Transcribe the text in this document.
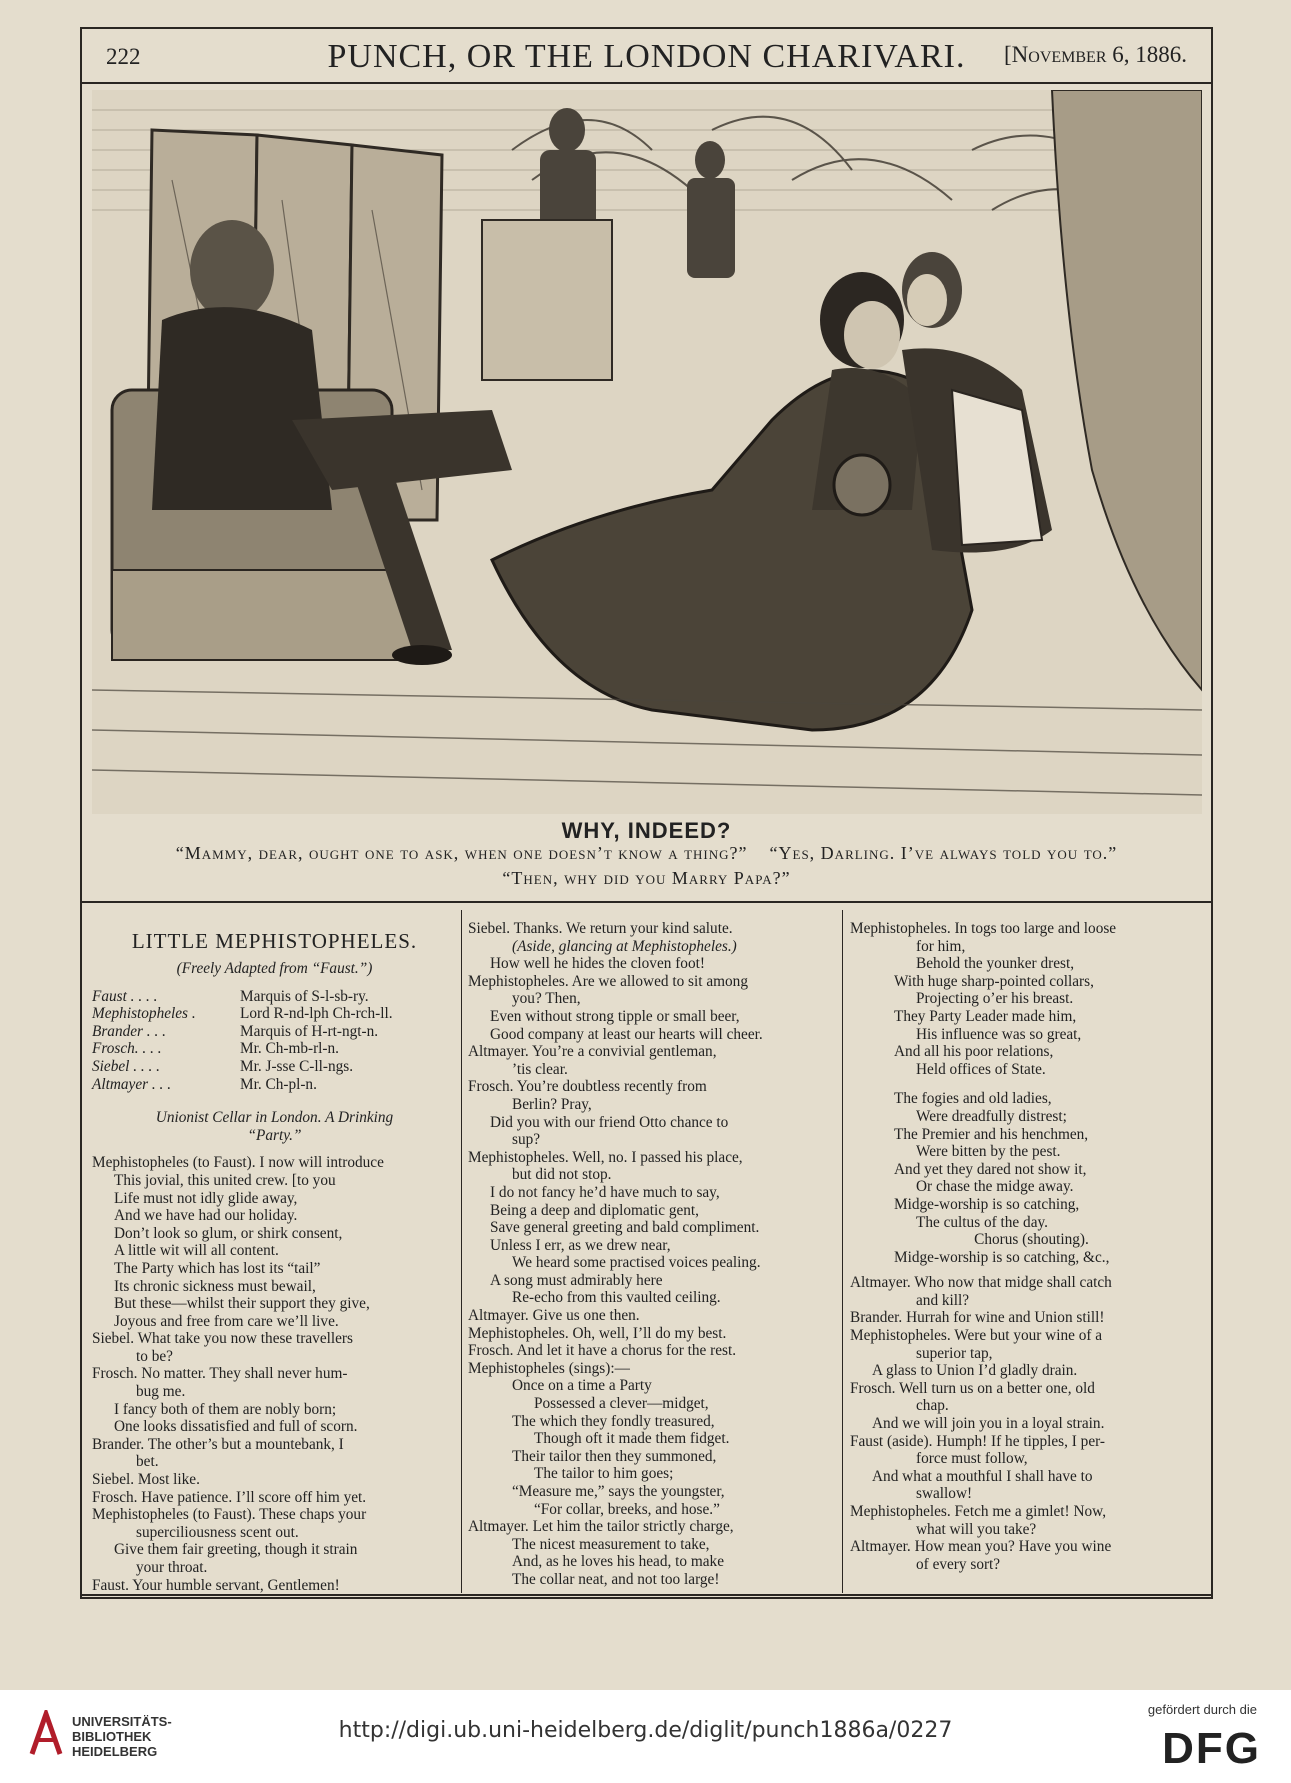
222	PUNCH, OR THE LONDON CHARIVARI.	[November 6, 1886.
WHY, INDEED?
“Mammy, dear, ought one to ask, when one doesn’t know a thing?”    “Yes, Darling. I’ve always told you to.”
“Then, why did you Marry Papa?”

LITTLE MEPHISTOPHELES.

(Freely Adapted from “Faust.”)

Faust . . . .	Marquis of S-l-sb-ry.
Mephistopheles .	Lord R-nd-lph Ch-rch-ll.
Brander . . .	Marquis of H-rt-ngt-n.
Frosch. . . .	Mr. Ch-mb-rl-n.
Siebel . . . .	Mr. J-sse C-ll-ngs.
Altmayer . . .	Mr. Ch-pl-n.

Unionist Cellar in London. A Drinking

“Party.”

Mephistopheles (to Faust). I now will introduce

This jovial, this united crew. [to you

Life must not idly glide away,

And we have had our holiday.

Don’t look so glum, or shirk consent,

A little wit will all content.

The Party which has lost its “tail”

Its chronic sickness must bewail,

But these—whilst their support they give,

Joyous and free from care we’ll live.

Siebel. What take you now these travellers

to be?

Frosch. No matter. They shall never hum-

bug me.

I fancy both of them are nobly born;

One looks dissatisfied and full of scorn.

Brander. The other’s but a mountebank, I

bet.

Siebel. Most like.

Frosch. Have patience. I’ll score off him yet.

Mephistopheles (to Faust). These chaps your

superciliousness scent out.

Give them fair greeting, though it strain

your throat.

Faust. Your humble servant, Gentlemen!

Siebel. Thanks. We return your kind salute.

(Aside, glancing at Mephistopheles.)

How well he hides the cloven foot!

Mephistopheles. Are we allowed to sit among

you? Then,

Even without strong tipple or small beer,

Good company at least our hearts will cheer.

Altmayer. You’re a convivial gentleman,

’tis clear.

Frosch. You’re doubtless recently from

Berlin? Pray,

Did you with our friend Otto chance to

sup?

Mephistopheles. Well, no. I passed his place,

but did not stop.

I do not fancy he’d have much to say,

Being a deep and diplomatic gent,

Save general greeting and bald compliment.

Unless I err, as we drew near,

We heard some practised voices pealing.

A song must admirably here

Re-echo from this vaulted ceiling.

Altmayer. Give us one then.

Mephistopheles. Oh, well, I’ll do my best.

Frosch. And let it have a chorus for the rest.

Mephistopheles (sings):—

Once on a time a Party

Possessed a clever—midget,

The which they fondly treasured,

Though oft it made them fidget.

Their tailor then they summoned,

The tailor to him goes;

“Measure me,” says the youngster,

“For collar, breeks, and hose.”

Altmayer. Let him the tailor strictly charge,

The nicest measurement to take,

And, as he loves his head, to make

The collar neat, and not too large!

Mephistopheles. In togs too large and loose

for him,

Behold the younker drest,

With huge sharp-pointed collars,

Projecting o’er his breast.

They Party Leader made him,

His influence was so great,

And all his poor relations,

Held offices of State.

The fogies and old ladies,

Were dreadfully distrest;

The Premier and his henchmen,

Were bitten by the pest.

And yet they dared not show it,

Or chase the midge away.

Midge-worship is so catching,

The cultus of the day.

Chorus (shouting).

Midge-worship is so catching, &c.,

Altmayer. Who now that midge shall catch

and kill?

Brander. Hurrah for wine and Union still!

Mephistopheles. Were but your wine of a

superior tap,

A glass to Union I’d gladly drain.

Frosch. Well turn us on a better one, old

chap.

And we will join you in a loyal strain.

Faust (aside). Humph! If he tipples, I per-

force must follow,

And what a mouthful I shall have to

swallow!

Mephistopheles. Fetch me a gimlet! Now,

what will you take?

Altmayer. How mean you? Have you wine

of every sort?

UNIVERSITÄTS-
BIBLIOTHEK
HEIDELBERG
http://digi.ub.uni-heidelberg.de/diglit/punch1886a/0227
gefördert durch die
DFG
